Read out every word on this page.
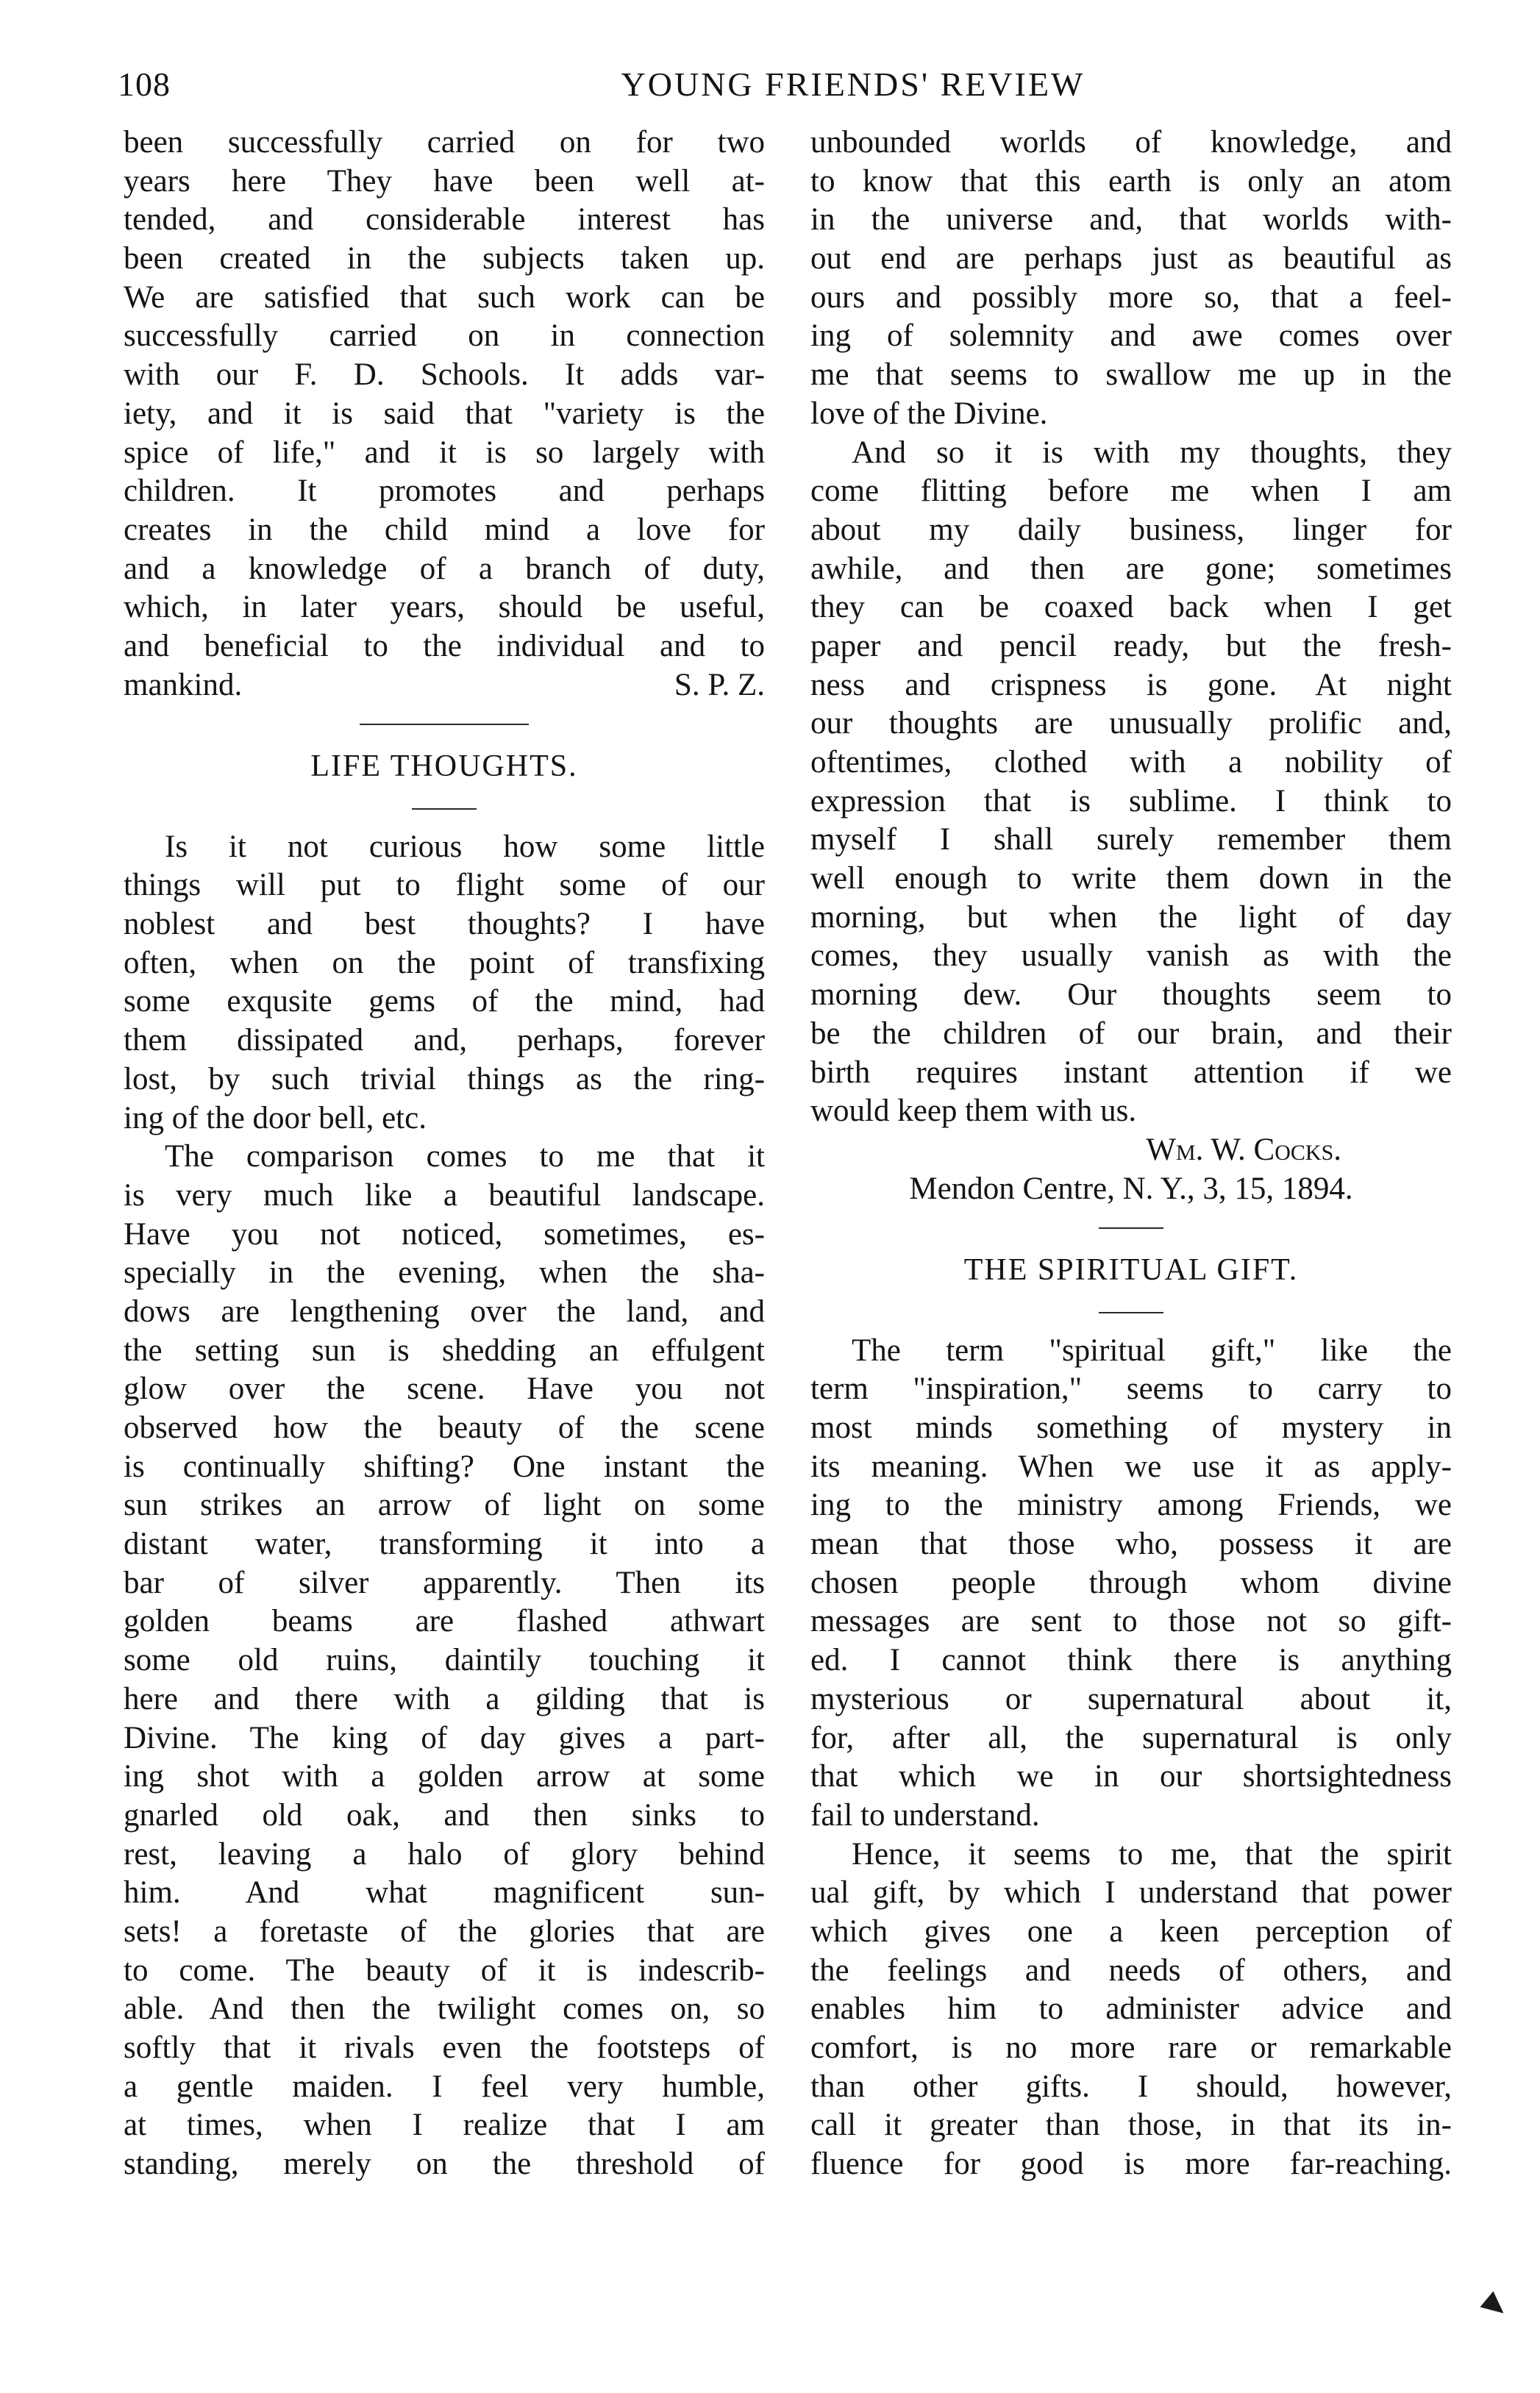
108	YOUNG FRIENDS' REVIEW
been successfully carried on for two
years here They have been well at-
tended, and considerable interest has
been created in the subjects taken up.
We are satisfied that such work can be
successfully carried on in connection
with our F. D. Schools. It adds var-
iety, and it is said that "variety is the
spice of life," and it is so largely with
children. It promotes and perhaps
creates in the child mind a love for
and a knowledge of a branch of duty,
which, in later years, should be useful,
and beneficial to the individual and to
mankind.	S. P. Z.
LIFE THOUGHTS.
Is it not curious how some little
things will put to flight some of our
noblest and best thoughts? I have
often, when on the point of transfixing
some exqusite gems of the mind, had
them dissipated and, perhaps, forever
lost, by such trivial things as the ring-
ing of the door bell, etc.
The comparison comes to me that it
is very much like a beautiful landscape.
Have you not noticed, sometimes, es-
specially in the evening, when the sha-
dows are lengthening over the land, and
the setting sun is shedding an effulgent
glow over the scene. Have you not
observed how the beauty of the scene
is continually shifting? One instant the
sun strikes an arrow of light on some
distant water, transforming it into a
bar of silver apparently. Then its
golden beams are flashed athwart
some old ruins, daintily touching it
here and there with a gilding that is
Divine. The king of day gives a part-
ing shot with a golden arrow at some
gnarled old oak, and then sinks to
rest, leaving a halo of glory behind
him. And what magnificent sun-
sets! a foretaste of the glories that are
to come. The beauty of it is indescrib-
able. And then the twilight comes on, so
softly that it rivals even the footsteps of
a gentle maiden. I feel very humble,
at times, when I realize that I am
standing, merely on the threshold of
unbounded worlds of knowledge, and
to know that this earth is only an atom
in the universe and, that worlds with-
out end are perhaps just as beautiful as
ours and possibly more so, that a feel-
ing of solemnity and awe comes over
me that seems to swallow me up in the
love of the Divine.
And so it is with my thoughts, they
come flitting before me when I am
about my daily business, linger for
awhile, and then are gone; sometimes
they can be coaxed back when I get
paper and pencil ready, but the fresh-
ness and crispness is gone. At night
our thoughts are unusually prolific and,
oftentimes, clothed with a nobility of
expression that is sublime. I think to
myself I shall surely remember them
well enough to write them down in the
morning, but when the light of day
comes, they usually vanish as with the
morning dew. Our thoughts seem to
be the children of our brain, and their
birth requires instant attention if we
would keep them with us.
Wm. W. Cocks.
Mendon Centre, N. Y., 3, 15, 1894.
THE SPIRITUAL GIFT.
The term "spiritual gift," like the
term "inspiration," seems to carry to
most minds something of mystery in
its meaning. When we use it as apply-
ing to the ministry among Friends, we
mean that those who, possess it are
chosen people through whom divine
messages are sent to those not so gift-
ed. I cannot think there is anything
mysterious or supernatural about it,
for, after all, the supernatural is only
that which we in our shortsightedness
fail to understand.
Hence, it seems to me, that the spirit
ual gift, by which I understand that power
which gives one a keen perception of
the feelings and needs of others, and
enables him to administer advice and
comfort, is no more rare or remarkable
than other gifts. I should, however,
call it greater than those, in that its in-
fluence for good is more far-reaching.
